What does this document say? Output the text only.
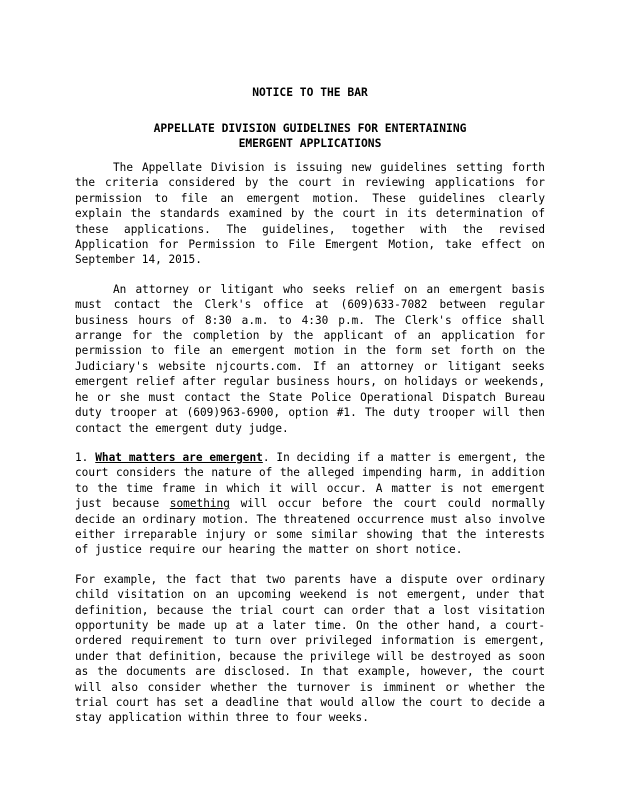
NOTICE TO THE BAR
APPELLATE DIVISION GUIDELINES FOR ENTERTAINING
EMERGENT APPLICATIONS

The Appellate Division is issuing new guidelines setting forth the criteria considered by the court in reviewing applications for permission to file an emergent motion. These guidelines clearly explain the standards examined by the court in its determination of these applications. The guidelines, together with the revised Application for Permission to File Emergent Motion, take effect on September 14, 2015.

An attorney or litigant who seeks relief on an emergent basis must contact the Clerk's office at (609)633-7082 between regular business hours of 8:30 a.m. to 4:30 p.m. The Clerk's office shall arrange for the completion by the applicant of an application for permission to file an emergent motion in the form set forth on the Judiciary's website njcourts.com. If an attorney or litigant seeks emergent relief after regular business hours, on holidays or weekends, he or she must contact the State Police Operational Dispatch Bureau duty trooper at (609)963-6900, option #1. The duty trooper will then contact the emergent duty judge.

1. What matters are emergent. In deciding if a matter is emergent, the court considers the nature of the alleged impending harm, in addition to the time frame in which it will occur. A matter is not emergent just because something will occur before the court could normally decide an ordinary motion. The threatened occurrence must also involve either irreparable injury or some similar showing that the interests of justice require our hearing the matter on short notice.

For example, the fact that two parents have a dispute over ordinary child visitation on an upcoming weekend is not emergent, under that definition, because the trial court can order that a lost visitation opportunity be made up at a later time. On the other hand, a court-ordered requirement to turn over privileged information is emergent, under that definition, because the privilege will be destroyed as soon as the documents are disclosed. In that example, however, the court will also consider whether the turnover is imminent or whether the trial court has set a deadline that would allow the court to decide a stay application within three to four weeks.
